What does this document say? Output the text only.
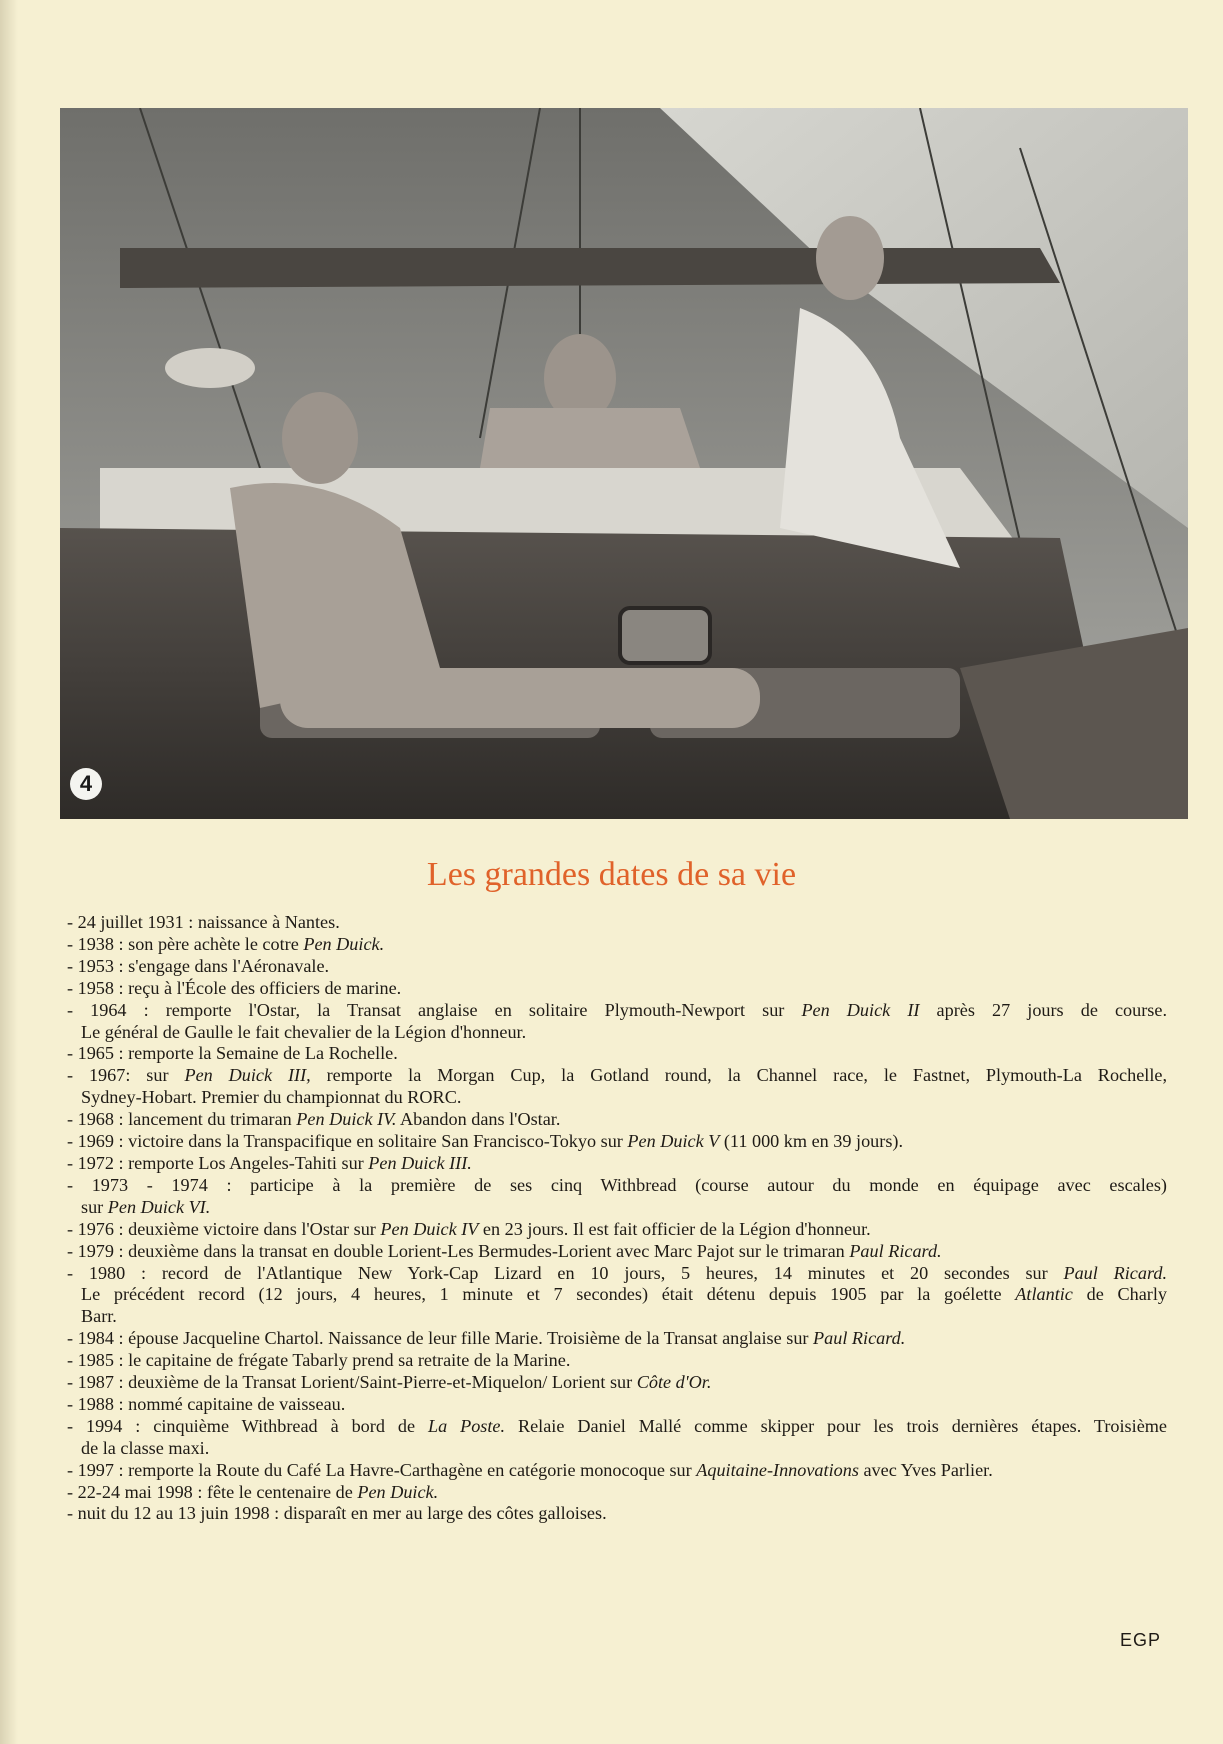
4
Les grandes dates de sa vie
- 24 juillet 1931 : naissance à Nantes.
- 1938 : son père achète le cotre Pen Duick.
- 1953 : s'engage dans l'Aéronavale.
- 1958 : reçu à l'École des officiers de marine.
- 1964 : remporte l'Ostar, la Transat anglaise en solitaire Plymouth-Newport sur Pen Duick II après 27 jours de course.
Le général de Gaulle le fait chevalier de la Légion d'honneur.
- 1965 : remporte la Semaine de La Rochelle.
- 1967: sur Pen Duick III, remporte la Morgan Cup, la Gotland round, la Channel race, le Fastnet, Plymouth-La Rochelle,
Sydney-Hobart. Premier du championnat du RORC.
- 1968 : lancement du trimaran Pen Duick IV. Abandon dans l'Ostar.
- 1969 : victoire dans la Transpacifique en solitaire San Francisco-Tokyo sur Pen Duick V (11 000 km en 39 jours).
- 1972 : remporte Los Angeles-Tahiti sur Pen Duick III.
- 1973 - 1974 : participe à la première de ses cinq Withbread (course autour du monde en équipage avec escales)
sur Pen Duick VI.
- 1976 : deuxième victoire dans l'Ostar sur Pen Duick IV en 23 jours. Il est fait officier de la Légion d'honneur.
- 1979 : deuxième dans la transat en double Lorient-Les Bermudes-Lorient avec Marc Pajot sur le trimaran Paul Ricard.
- 1980 : record de l'Atlantique New York-Cap Lizard en 10 jours, 5 heures, 14 minutes et 20 secondes sur Paul Ricard.
Le précédent record (12 jours, 4 heures, 1 minute et 7 secondes) était détenu depuis 1905 par la goélette Atlantic de Charly
Barr.
- 1984 : épouse Jacqueline Chartol. Naissance de leur fille Marie. Troisième de la Transat anglaise sur Paul Ricard.
- 1985 : le capitaine de frégate Tabarly prend sa retraite de la Marine.
- 1987 : deuxième de la Transat Lorient/Saint-Pierre-et-Miquelon/ Lorient sur Côte d'Or.
- 1988 : nommé capitaine de vaisseau.
- 1994 : cinquième Withbread à bord de La Poste. Relaie Daniel Mallé comme skipper pour les trois dernières étapes. Troisième
de la classe maxi.
- 1997 : remporte la Route du Café La Havre-Carthagène en catégorie monocoque sur Aquitaine-Innovations avec Yves Parlier.
- 22-24 mai 1998 : fête le centenaire de Pen Duick.
- nuit du 12 au 13 juin 1998 : disparaît en mer au large des côtes galloises.
EGP
